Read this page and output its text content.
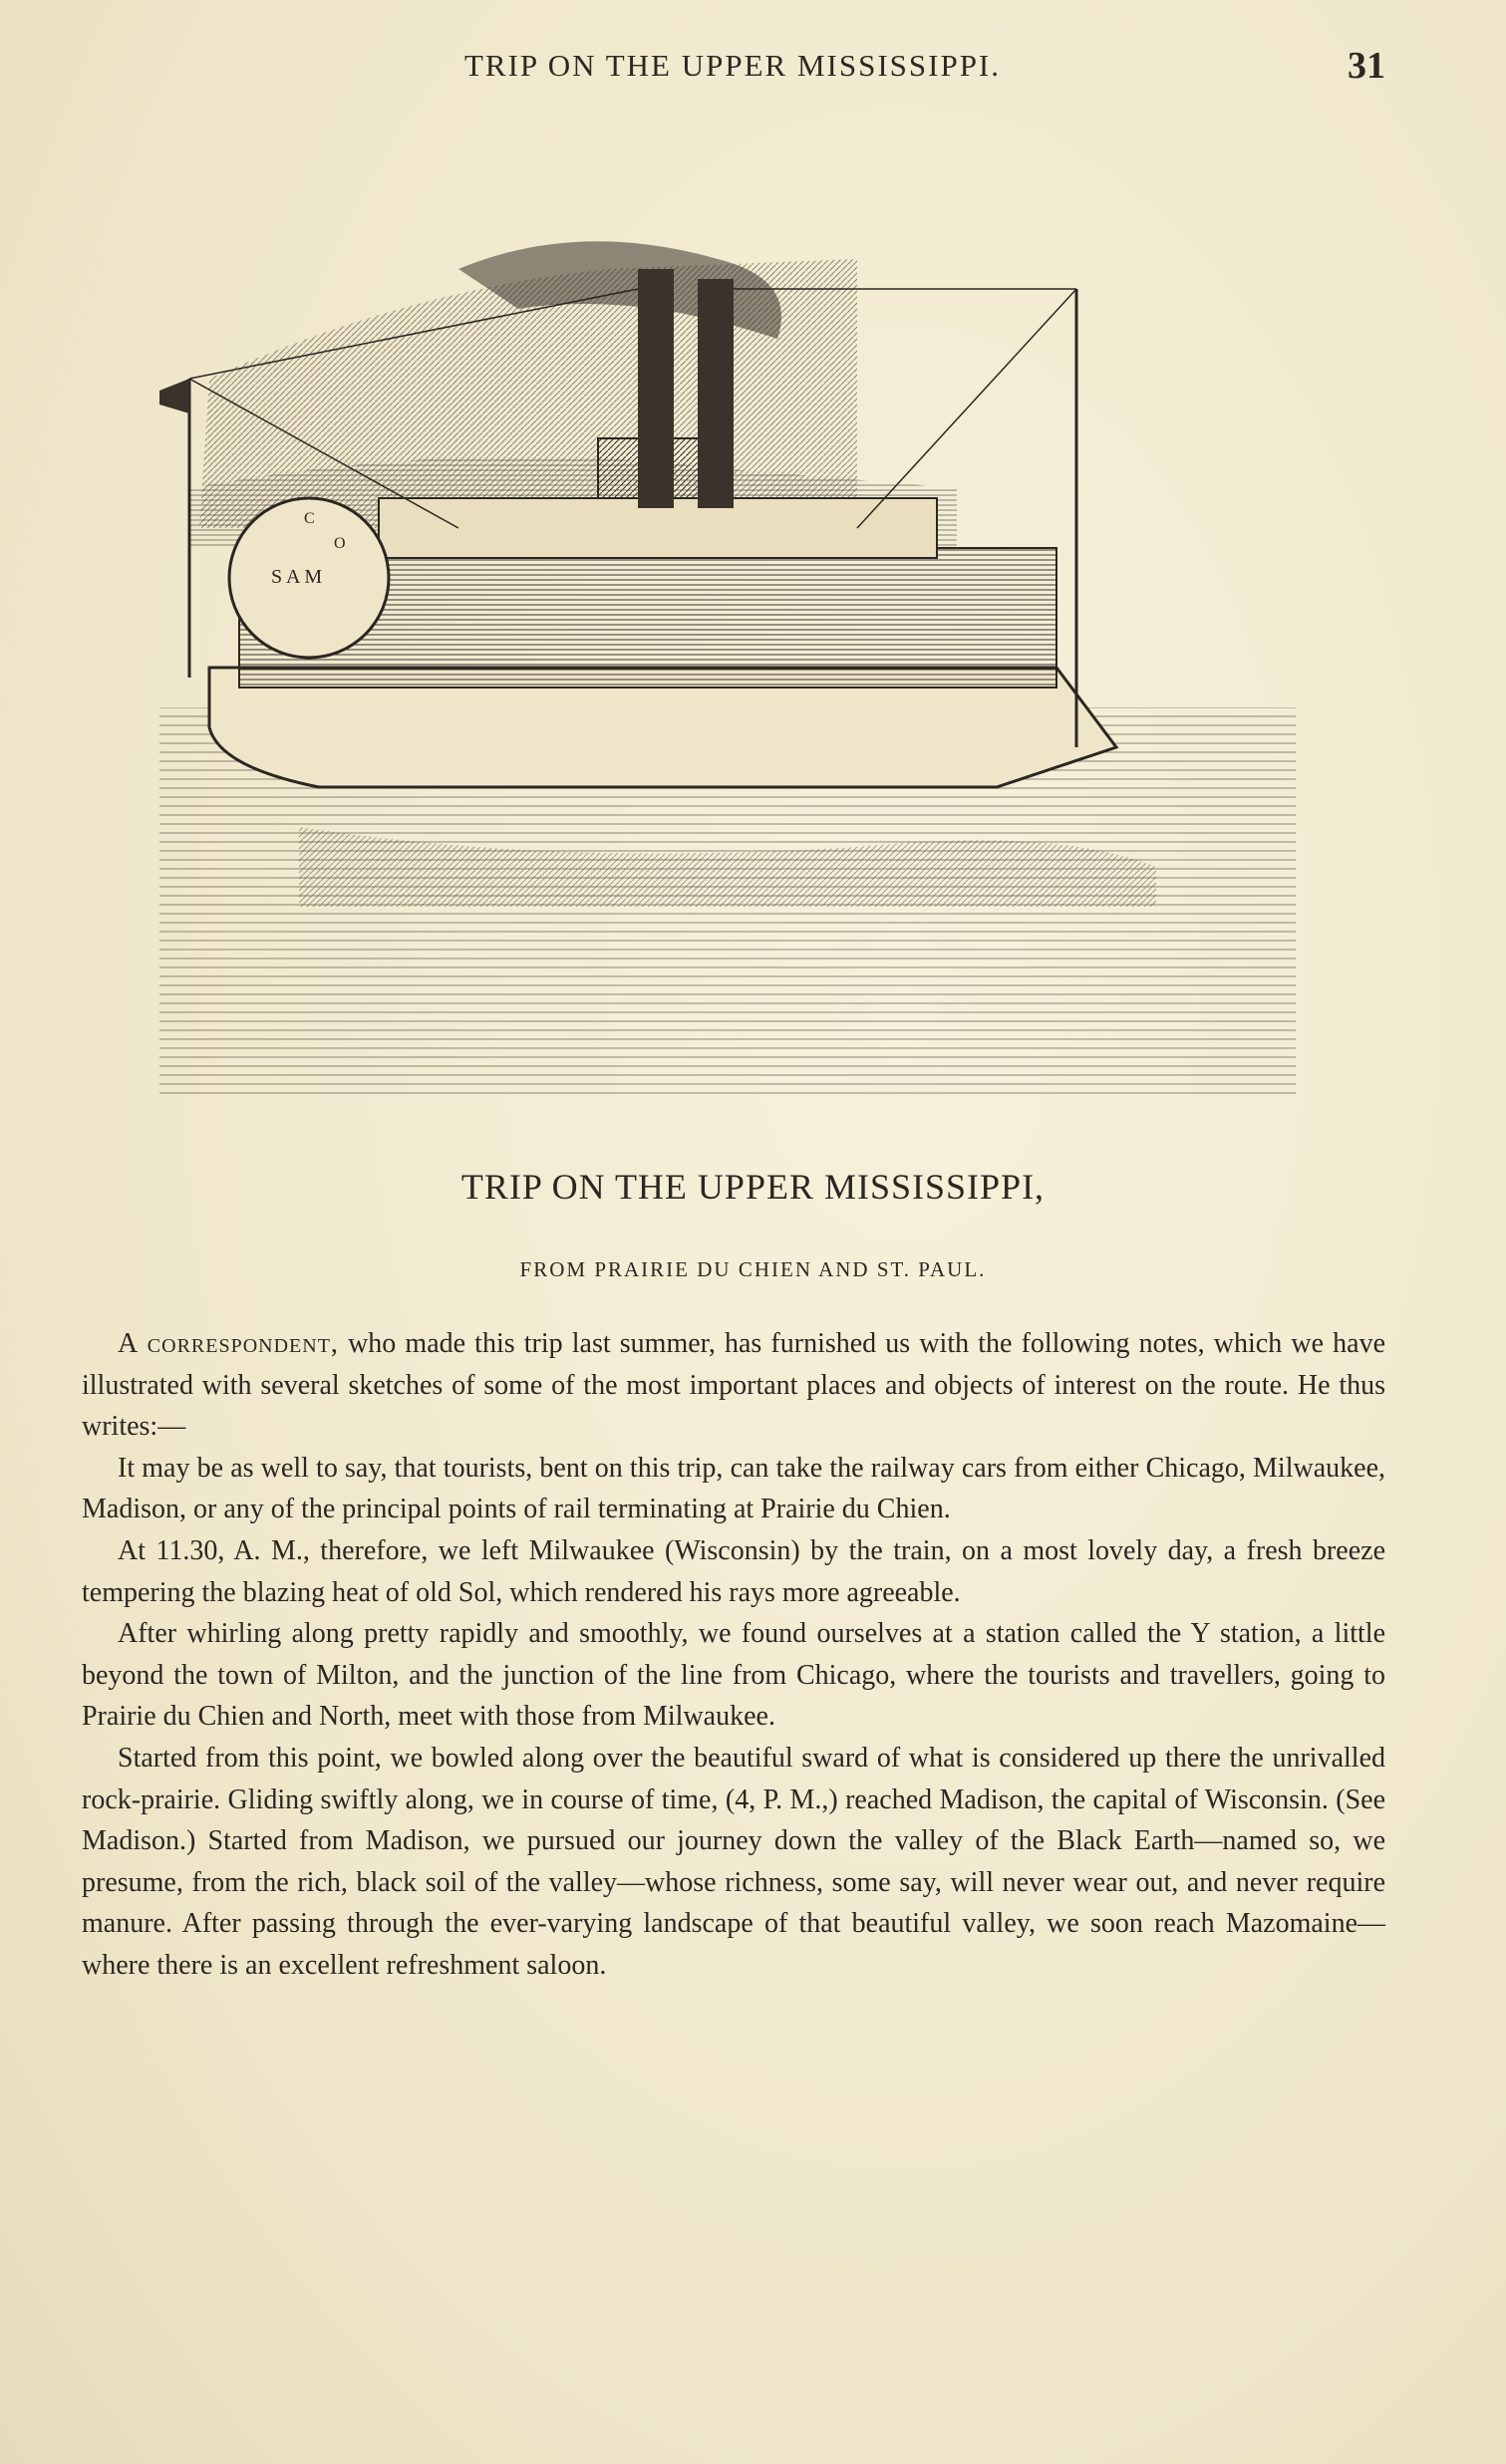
TRIP ON THE UPPER MISSISSIPPI.	31
S A M
C
O
TRIP ON THE UPPER MISSISSIPPI,
FROM PRAIRIE DU CHIEN AND ST. PAUL.

A correspondent, who made this trip last summer, has furnished us with the following notes, which we have illustrated with several sketches of some of the most important places and objects of interest on the route. He thus writes:—

It may be as well to say, that tourists, bent on this trip, can take the railway cars from either Chicago, Milwaukee, Madison, or any of the principal points of rail terminating at Prairie du Chien.

At 11.30, A. M., therefore, we left Milwaukee (Wisconsin) by the train, on a most lovely day, a fresh breeze tempering the blazing heat of old Sol, which rendered his rays more agreeable.

After whirling along pretty rapidly and smoothly, we found ourselves at a station called the Y station, a little beyond the town of Milton, and the junction of the line from Chicago, where the tourists and travellers, going to Prairie du Chien and North, meet with those from Milwaukee.

Started from this point, we bowled along over the beautiful sward of what is considered up there the unrivalled rock-prairie. Gliding swiftly along, we in course of time, (4, P. M.,) reached Madison, the capital of Wisconsin. (See Madison.) Started from Madison, we pursued our journey down the valley of the Black Earth—named so, we presume, from the rich, black soil of the valley—whose richness, some say, will never wear out, and never require manure. After passing through the ever-varying landscape of that beautiful valley, we soon reach Mazomaine—where there is an excellent refreshment saloon.
